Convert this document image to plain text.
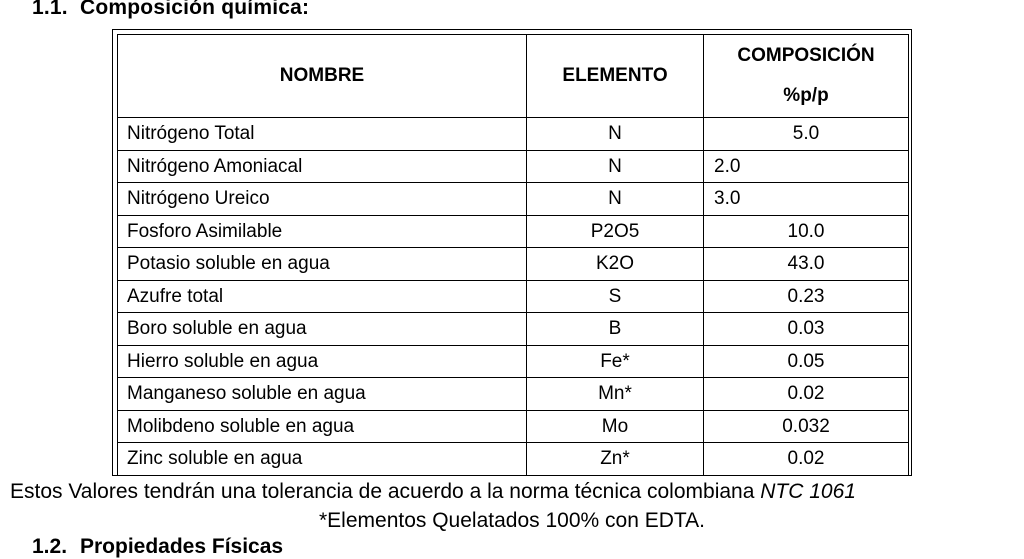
1.1. Composición química:
NOMBRE	ELEMENTO	COMPOSICIÓN
%p/p

Nitrógeno Total	N	5.0
Nitrógeno Amoniacal	N	2.0
Nitrógeno Ureico	N	3.0
Fosforo Asimilable	P2O5	10.0
Potasio soluble en agua	K2O	43.0
Azufre total	S	0.23
Boro soluble en agua	B	0.03
Hierro soluble en agua	Fe*	0.05
Manganeso soluble en agua	Mn*	0.02
Molibdeno soluble en agua	Mo	0.032
Zinc soluble en agua	Zn*	0.02
Estos Valores tendrán una tolerancia de acuerdo a la norma técnica colombiana NTC 1061
*Elementos Quelatados 100% con EDTA.
1.2. Propiedades Físicas
